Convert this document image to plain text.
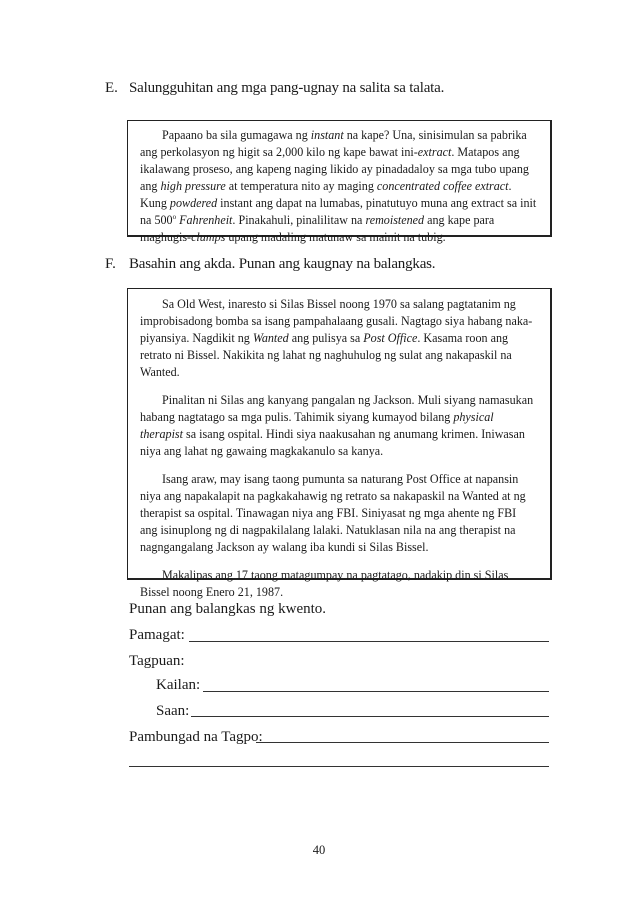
E. Salungguhitan ang mga pang-ugnay na salita sa talata.

Papaano ba sila gumagawa ng instant na kape? Una, sinisimulan sa pabrika ang perkolasyon ng higit sa 2,000 kilo ng kape bawat ini-extract. Matapos ang ikalawang proseso, ang kapeng naging likido ay pinadadaloy sa mga tubo upang ang high pressure at temperatura nito ay maging concentrated coffee extract. Kung powdered instant ang dapat na lumabas, pinatutuyo muna ang extract sa init na 500$^o$ Fahrenheit. Pinakahuli, pinalilitaw na remoistened ang kape para maghugis-clumps upang madaling matunaw sa mainit na tubig.

F. Basahin ang akda. Punan ang kaugnay na balangkas.

Sa Old West, inaresto si Silas Bissel noong 1970 sa salang pagtatanim ng improbisadong bomba sa isang pampahalaang gusali. Nagtago siya habang naka-piyansiya. Nagdikit ng Wanted ang pulisya sa Post Office. Kasama roon ang retrato ni Bissel. Nakikita ng lahat ng naghuhulog ng sulat ang nakapaskil na Wanted.

Pinalitan ni Silas ang kanyang pangalan ng Jackson. Muli siyang namasukan habang nagtatago sa mga pulis. Tahimik siyang kumayod bilang physical therapist sa isang ospital. Hindi siya naakusahan ng anumang krimen. Iniwasan niya ang lahat ng gawaing magkakanulo sa kanya.

Isang araw, may isang taong pumunta sa naturang Post Office at napansin niya ang napakalapit na pagkakahawig ng retrato sa nakapaskil na Wanted at ng therapist sa ospital. Tinawagan niya ang FBI. Siniyasat ng mga ahente ng FBI ang isinuplong ng di nagpakilalang lalaki. Natuklasan nila na ang therapist na nagngangalang Jackson ay walang iba kundi si Silas Bissel.

Makalipas ang 17 taong matagumpay na pagtatago, nadakip din si Silas Bissel noong Enero 21, 1987.

Punan ang balangkas ng kwento.
Pamagat:
Tagpuan:
Kailan:
Saan:
Pambungad na Tagpo:
40
